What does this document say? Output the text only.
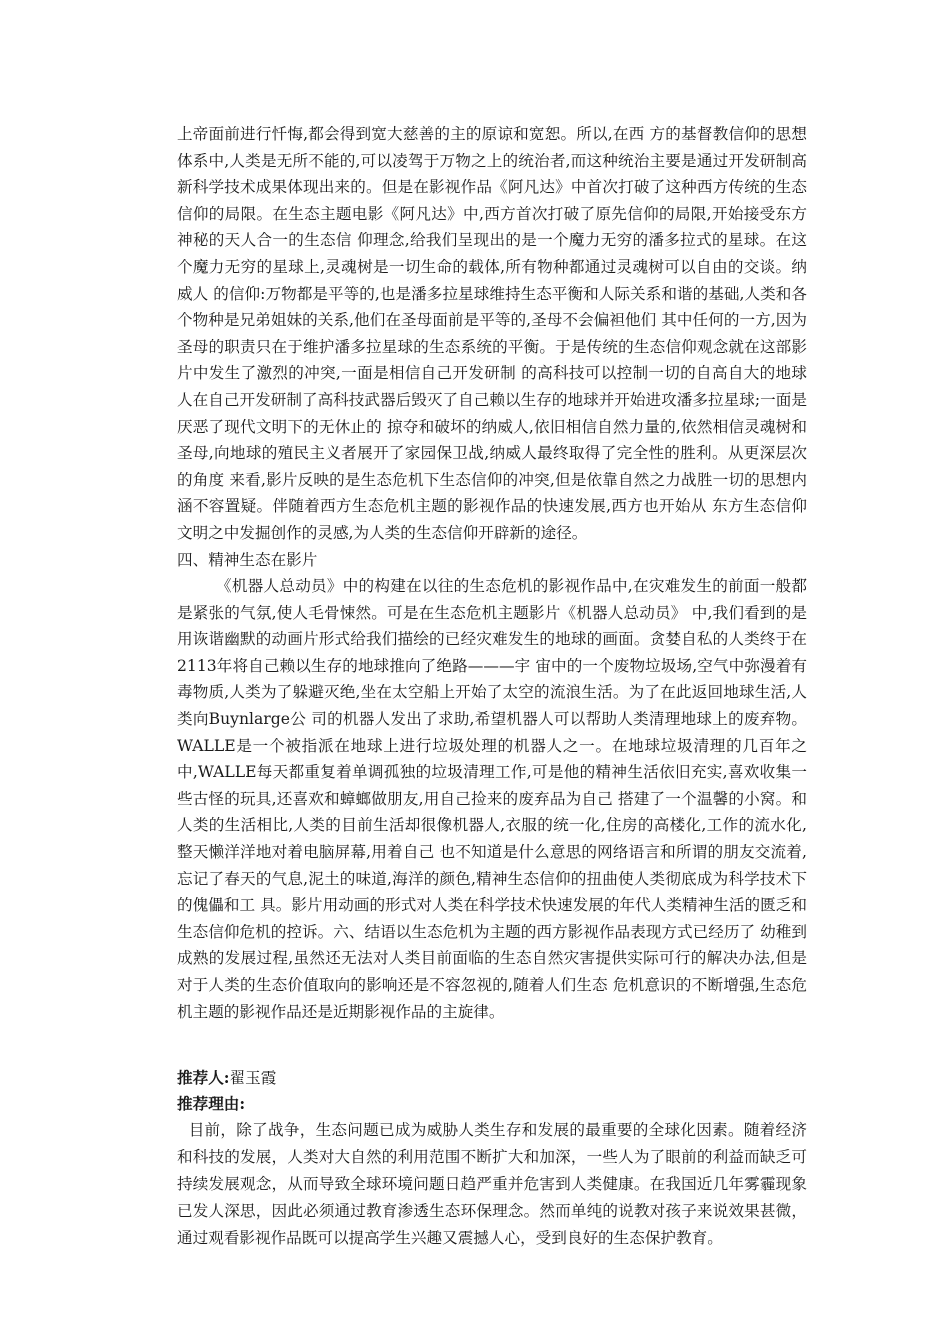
上帝面前进行忏悔,都会得到宽大慈善的主的原谅和宽恕。所以,在西 方的基督教信仰的思想体系中,人类是无所不能的,可以凌驾于万物之上的统治者,而这种统治主要是通过开发研制高新科学技术成果体现出来的。但是在影视作品《阿凡达》中首次打破了这种西方传统的生态信仰的局限。在生态主题电影《阿凡达》中,西方首次打破了原先信仰的局限,开始接受东方神秘的天人合一的生态信 仰理念,给我们呈现出的是一个魔力无穷的潘多拉式的星球。在这个魔力无穷的星球上,灵魂树是一切生命的载体,所有物种都通过灵魂树可以自由的交谈。纳威人 的信仰:万物都是平等的,也是潘多拉星球维持生态平衡和人际关系和谐的基础,人类和各个物种是兄弟姐妹的关系,他们在圣母面前是平等的,圣母不会偏袒他们 其中任何的一方,因为圣母的职责只在于维护潘多拉星球的生态系统的平衡。于是传统的生态信仰观念就在这部影片中发生了激烈的冲突,一面是相信自己开发研制 的高科技可以控制一切的自高自大的地球人在自己开发研制了高科技武器后毁灭了自己赖以生存的地球并开始进攻潘多拉星球;一面是厌恶了现代文明下的无休止的 掠夺和破坏的纳威人,依旧相信自然力量的,依然相信灵魂树和圣母,向地球的殖民主义者展开了家园保卫战,纳威人最终取得了完全性的胜利。从更深层次的角度 来看,影片反映的是生态危机下生态信仰的冲突,但是依靠自然之力战胜一切的思想内涵不容置疑。伴随着西方生态危机主题的影视作品的快速发展,西方也开始从 东方生态信仰文明之中发掘创作的灵感,为人类的生态信仰开辟新的途径。

四、精神生态在影片

《机器人总动员》中的构建在以往的生态危机的影视作品中,在灾难发生的前面一般都是紧张的气氛,使人毛骨悚然。可是在生态危机主题影片《机器人总动员》 中,我们看到的是用诙谐幽默的动画片形式给我们描绘的已经灾难发生的地球的画面。贪婪自私的人类终于在2113年将自己赖以生存的地球推向了绝路———宇 宙中的一个废物垃圾场,空气中弥漫着有毒物质,人类为了躲避灭绝,坐在太空船上开始了太空的流浪生活。为了在此返回地球生活,人类向Buynlarge公 司的机器人发出了求助,希望机器人可以帮助人类清理地球上的废弃物。WALLE是一个被指派在地球上进行垃圾处理的机器人之一。在地球垃圾清理的几百年之 中,WALLE每天都重复着单调孤独的垃圾清理工作,可是他的精神生活依旧充实,喜欢收集一些古怪的玩具,还喜欢和蟑螂做朋友,用自己捡来的废弃品为自己 搭建了一个温馨的小窝。和人类的生活相比,人类的目前生活却很像机器人,衣服的统一化,住房的高楼化,工作的流水化,整天懒洋洋地对着电脑屏幕,用着自己 也不知道是什么意思的网络语言和所谓的朋友交流着,忘记了春天的气息,泥土的味道,海洋的颜色,精神生态信仰的扭曲使人类彻底成为科学技术下的傀儡和工 具。影片用动画的形式对人类在科学技术快速发展的年代人类精神生活的匮乏和生态信仰危机的控诉。六、结语以生态危机为主题的西方影视作品表现方式已经历了 幼稚到成熟的发展过程,虽然还无法对人类目前面临的生态自然灾害提供实际可行的解决办法,但是对于人类的生态价值取向的影响还是不容忽视的,随着人们生态 危机意识的不断增强,生态危机主题的影视作品还是近期影视作品的主旋律。

推荐人:翟玉霞

推荐理由:

目前，除了战争，生态问题已成为威胁人类生存和发展的最重要的全球化因素。随着经济和科技的发展，人类对大自然的利用范围不断扩大和加深，一些人为了眼前的利益而缺乏可持续发展观念，从而导致全球环境问题日趋严重并危害到人类健康。在我国近几年雾霾现象已发人深思，因此必须通过教育渗透生态环保理念。然而单纯的说教对孩子来说效果甚微，通过观看影视作品既可以提高学生兴趣又震撼人心，受到良好的生态保护教育。
